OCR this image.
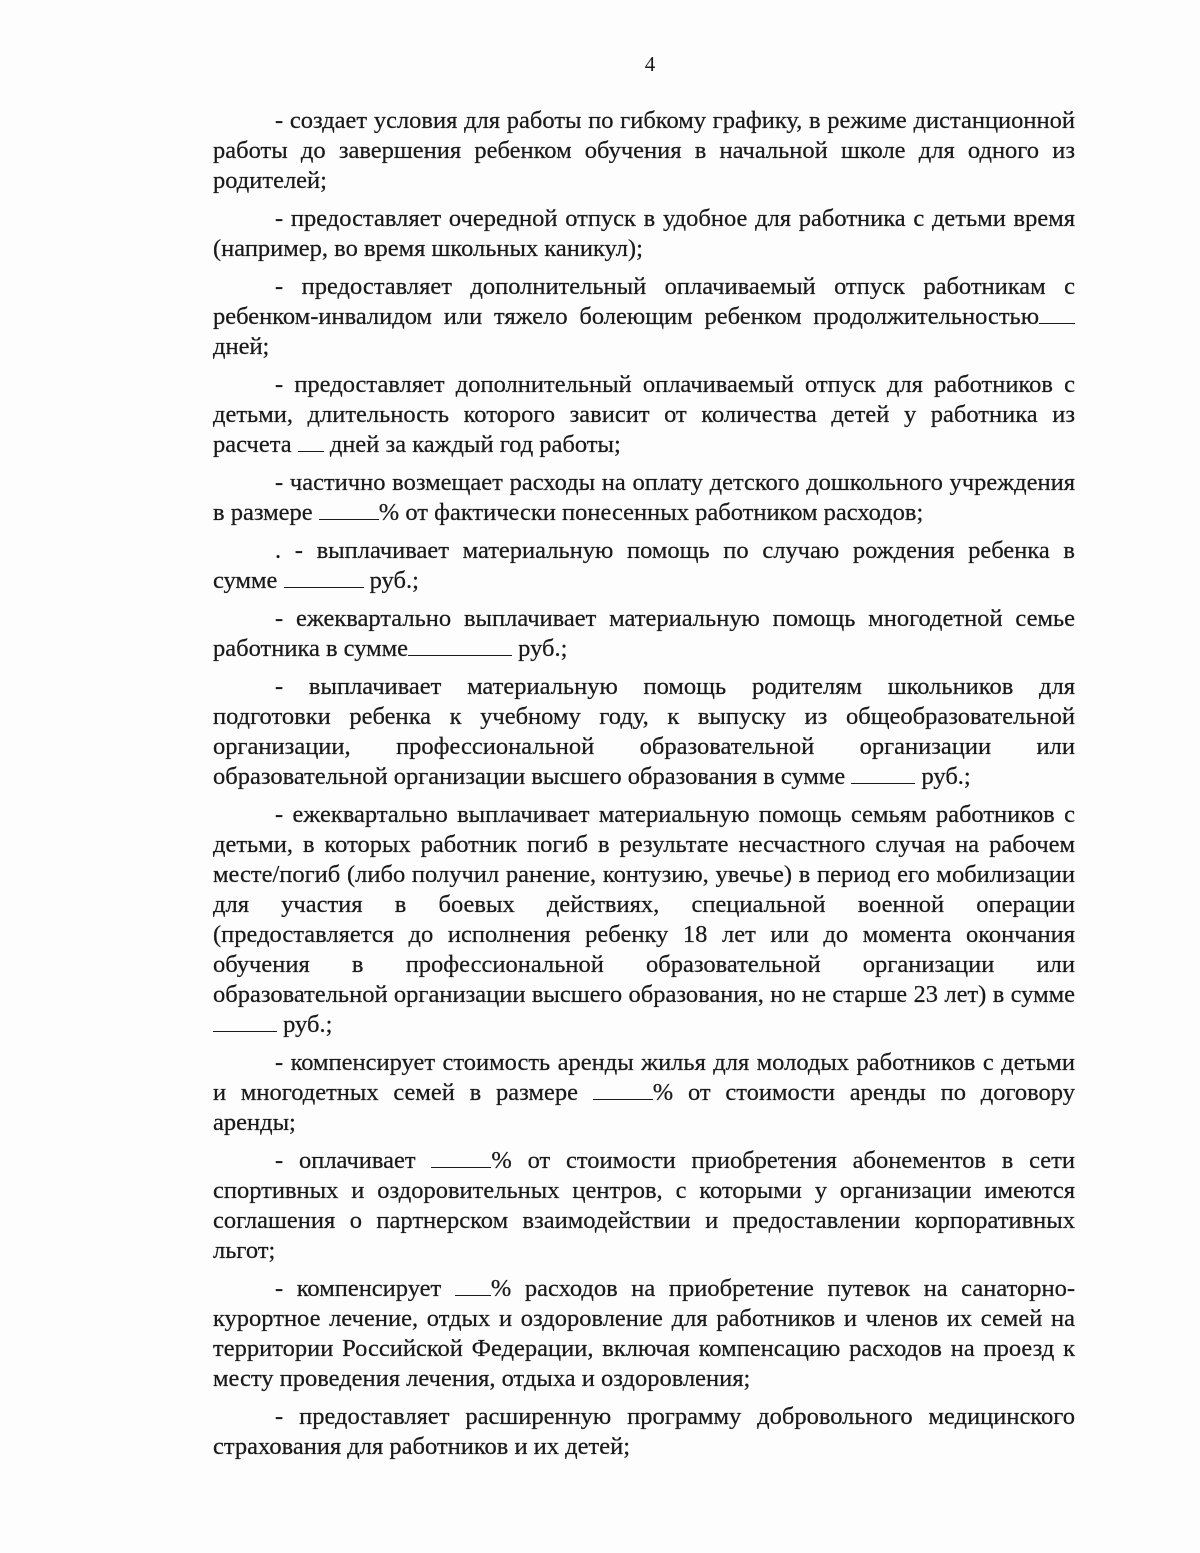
4

- создает условия для работы по гибкому графику, в режиме дистанционной работы до завершения ребенком обучения в начальной школе для одного из родителей;

- предоставляет очередной отпуск в удобное для работника с детьми время (например, во время школьных каникул);

- предоставляет дополнительный оплачиваемый отпуск работникам с ребенком-инвалидом или тяжело болеющим ребенком продолжительностью дней;

- предоставляет дополнительный оплачиваемый отпуск для работников с детьми, длительность которого зависит от количества детей у работника из расчета  дней за каждый год работы;

- частично возмещает расходы на оплату детского дошкольного учреждения в размере % от фактически понесенных работником расходов;

. - выплачивает материальную помощь по случаю рождения ребенка в сумме	руб.;

- ежеквартально выплачивает материальную помощь многодетной семье работника в сумме	руб.;

- выплачивает материальную помощь родителям школьников для подготовки ребенка к учебному году, к выпуску из общеобразовательной организации, профессиональной образовательной организации или образовательной организации высшего образования в сумме	руб.;

- ежеквартально выплачивает материальную помощь семьям работников с детьми, в которых работник погиб в результате несчастного случая на рабочем месте/погиб (либо получил ранение, контузию, увечье) в период его мобилизации для участия в боевых действиях, специальной военной операции (предоставляется до исполнения ребенку 18 лет или до момента окончания обучения в профессиональной образовательной организации или образовательной организации высшего образования, но не старше 23 лет) в сумме  руб.;

- компенсирует стоимость аренды жилья для молодых работников с детьми и многодетных семей в размере % от стоимости аренды по договору аренды;

- оплачивает % от стоимости приобретения абонементов в сети спортивных и оздоровительных центров, с которыми у организации имеются соглашения о партнерском взаимодействии и предоставлении корпоративных льгот;

- компенсирует % расходов на приобретение путевок на санаторно-курортное лечение, отдых и оздоровление для работников и членов их семей на территории Российской Федерации, включая компенсацию расходов на проезд к месту проведения лечения, отдыха и оздоровления;

- предоставляет расширенную программу добровольного медицинского страхования для работников и их детей;
